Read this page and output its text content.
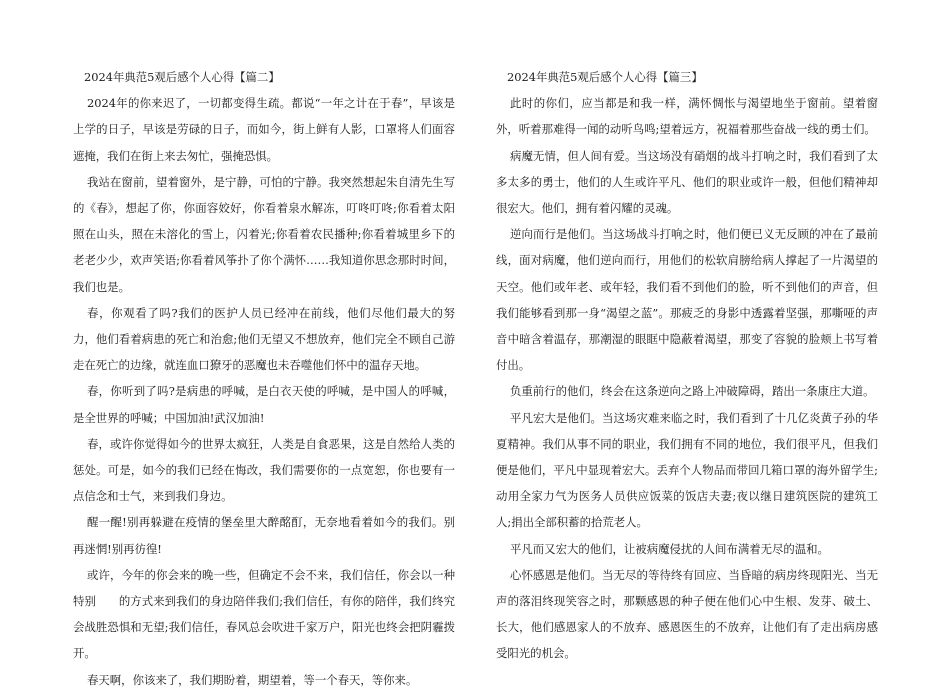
2024年典范5观后感个人心得【篇二】

2024年的你来迟了，一切都变得生疏。都说“一年之计在于春”，早该是上学的日子，早该是劳碌的日子，而如今，街上鲜有人影，口罩将人们面容遮掩，我们在街上来去匆忙，强掩恐惧。

我站在窗前，望着窗外，是宁静，可怕的宁静。我突然想起朱自清先生写的《春》，想起了你，你面容姣好，你看着泉水解冻，叮咚叮咚;你看着太阳照在山头，照在未溶化的雪上，闪着光;你看着农民播种;你看着城里乡下的老老少少，欢声笑语;你看着风筝扑了你个满怀……我知道你思念那时时间，我们也是。

春，你观看了吗?我们的医护人员已经冲在前线，他们尽他们最大的努力，他们看着病患的死亡和治愈;他们无望又不想放弃，他们完全不顾自己游走在死亡的边缘，就连血口獠牙的恶魔也未吞噬他们怀中的温存天地。

春，你听到了吗?是病患的呼喊，是白衣天使的呼喊，是中国人的呼喊，是全世界的呼喊；中国加油!武汉加油!

春，或许你觉得如今的世界太疯狂，人类是自食恶果，这是自然给人类的惩处。可是，如今的我们已经在悔改，我们需要你的一点宽恕，你也要有一点信念和士气，来到我们身边。

醒一醒!别再躲避在疫情的堡垒里大醉酩酊，无奈地看着如今的我们。别再迷惘!别再彷徨!

或许，今年的你会来的晚一些，但确定不会不来，我们信任，你会以一种特别　　的方式来到我们的身边陪伴我们;我们信任，有你的陪伴，我们终究会战胜恐惧和无望;我们信任，春风总会吹进千家万户，阳光也终会把阴霾拨开。

春天啊，你该来了，我们期盼着，期望着，等一个春天，等你来。

2024年典范5观后感个人心得【篇三】

此时的你们，应当都是和我一样，满怀惆怅与渴望地坐于窗前。望着窗外，听着那难得一闻的动听鸟鸣;望着远方，祝福着那些奋战一线的勇士们。

病魔无情，但人间有爱。当这场没有硝烟的战斗打响之时，我们看到了太多太多的勇士，他们的人生或许平凡、他们的职业或许一般，但他们精神却很宏大。他们，拥有着闪耀的灵魂。

逆向而行是他们。当这场战斗打响之时，他们便已义无反顾的冲在了最前线，面对病魔，他们逆向而行，用他们的松软肩膀给病人撑起了一片渴望的天空。他们或年老、或年轻，我们看不到他们的脸，听不到他们的声音，但我们能够看到那一身“渴望之蓝”。那疲乏的身影中透露着坚强，那嘶哑的声音中暗含着温存，那潮湿的眼眶中隐蔽着渴望，那变了容貌的脸颊上书写着付出。

负重前行的他们，终会在这条逆向之路上冲破障碍，踏出一条康庄大道。

平凡宏大是他们。当这场灾难来临之时，我们看到了十几亿炎黄子孙的华夏精神。我们从事不同的职业，我们拥有不同的地位，我们很平凡，但我们便是他们，平凡中显现着宏大。丢弃个人物品而带回几箱口罩的海外留学生;动用全家力气为医务人员供应饭菜的饭店夫妻;夜以继日建筑医院的建筑工人;捐出全部积蓄的拾荒老人。

平凡而又宏大的他们，让被病魔侵扰的人间布满着无尽的温和。

心怀感恩是他们。当无尽的等待终有回应、当昏暗的病房终现阳光、当无声的落泪终现笑容之时，那颗感恩的种子便在他们心中生根、发芽、破土、长大，他们感恩家人的不放弃、感恩医生的不放弃，让他们有了走出病房感受阳光的机会。
